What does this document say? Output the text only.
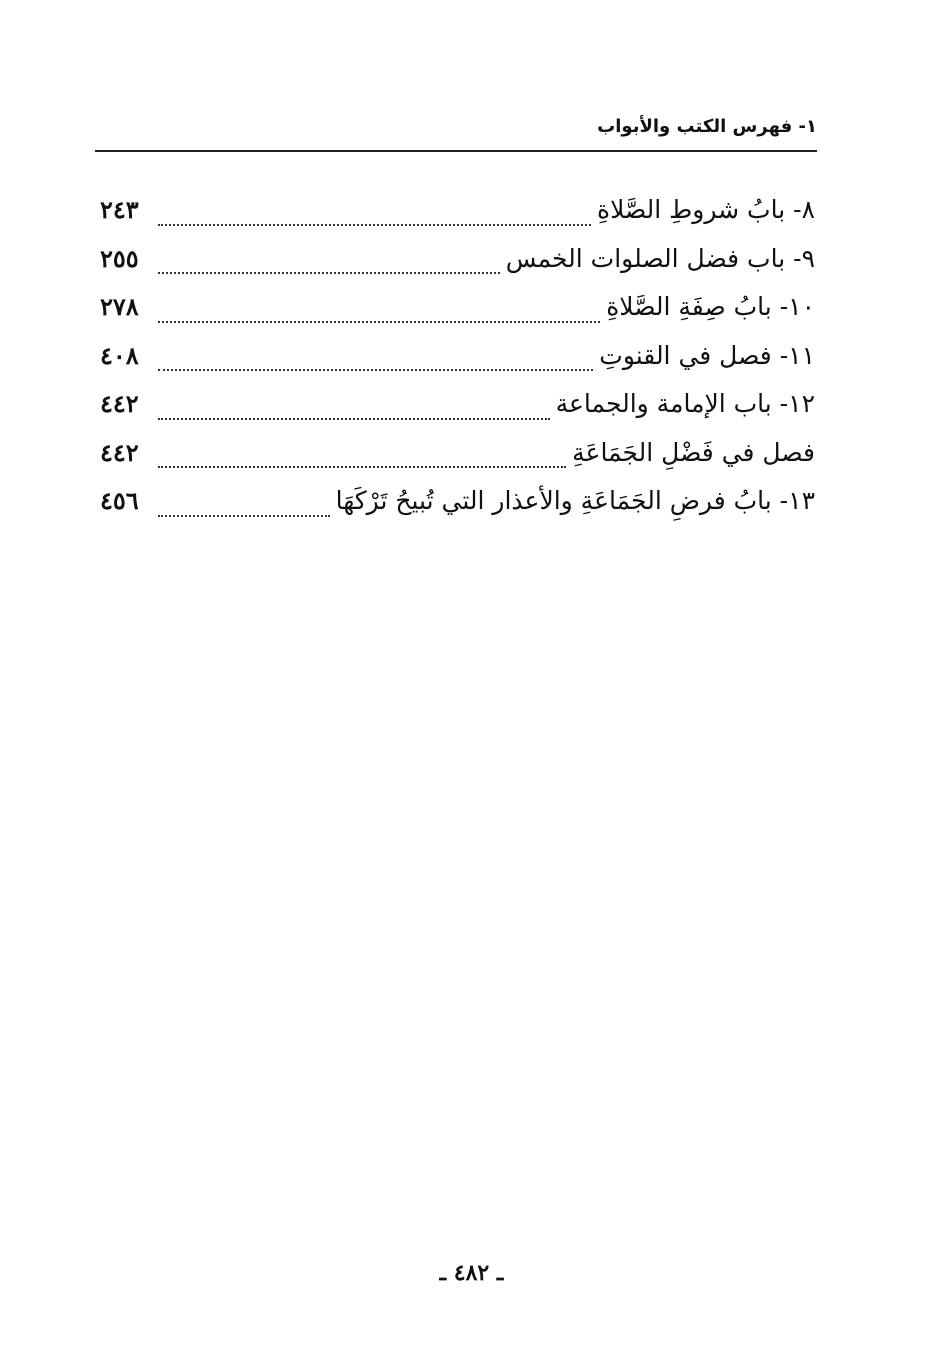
١- فهرس الكتب والأبواب
٨- بابُ شروطِ الصَّلاةِ
٢٤٣
٩- باب فضل الصلوات الخمس
٢٥٥
١٠- بابُ صِفَةِ الصَّلاةِ
٢٧٨
١١- فصل في القنوتِ
٤٠٨
١٢- باب الإمامة والجماعة
٤٤٢
فصل في فَضْلِ الجَمَاعَةِ
٤٤٢
١٣- بابُ فرضِ الجَمَاعَةِ والأعذار التي تُبيحُ تَرْكَهَا
٤٥٦
ـ ٤٨٢ ـ
